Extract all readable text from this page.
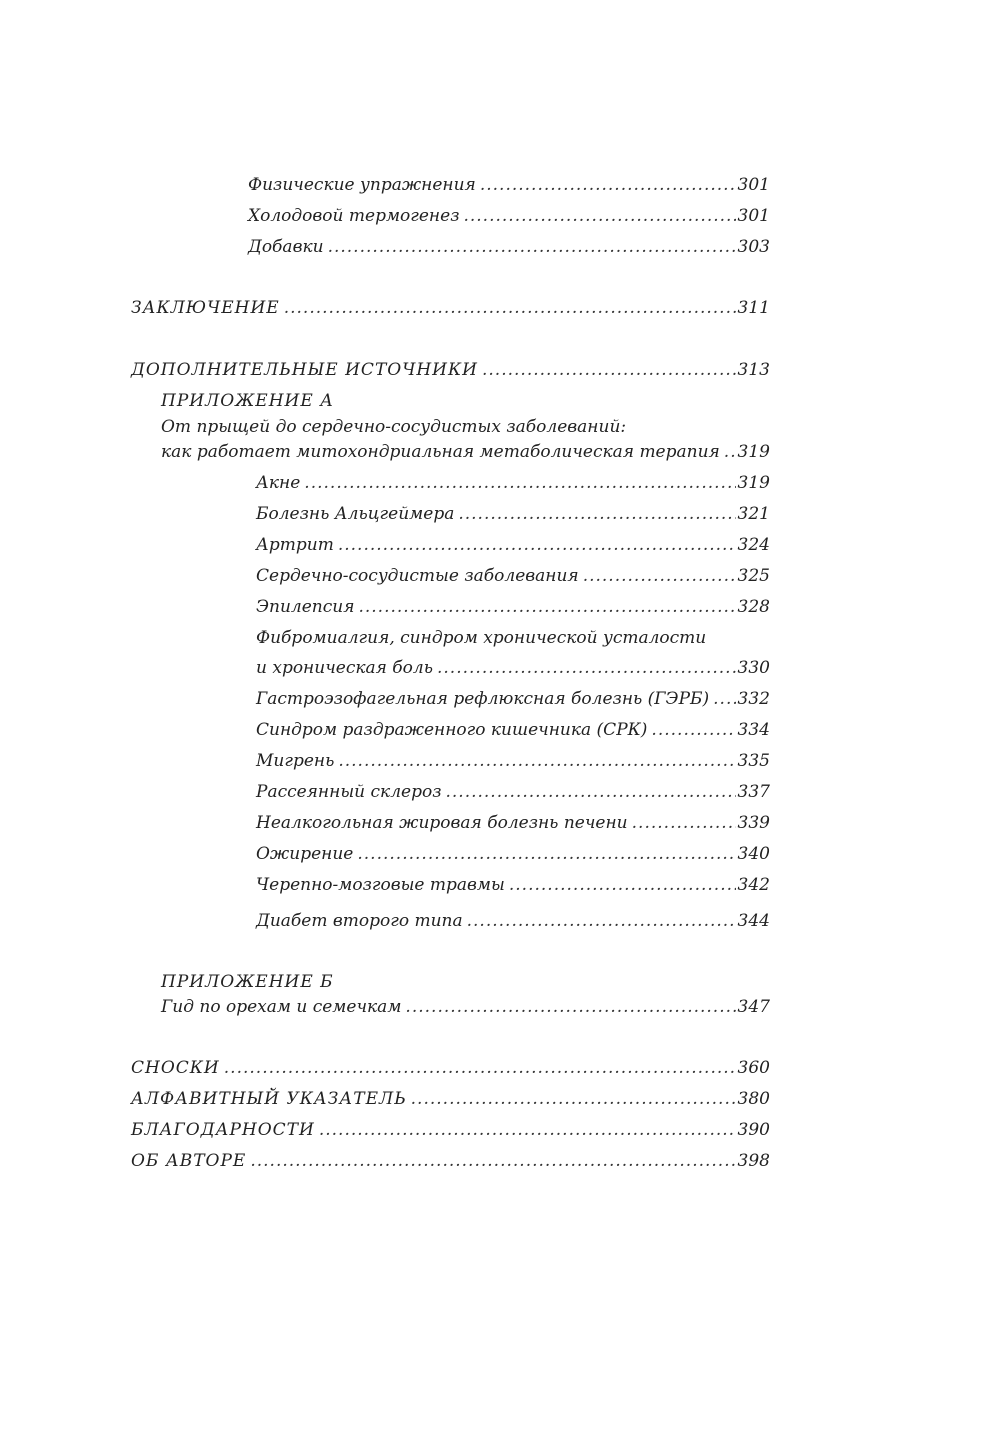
Физические упражнения .....	301
Холодовой термогенез .....	301
Добавки .....	303
ЗАКЛЮЧЕНИЕ .....	311
ДОПОЛНИТЕЛЬНЫЕ ИСТОЧНИКИ .....	313
ПРИЛОЖЕНИЕ А
От прыщей до сердечно-сосудистых заболеваний:
как работает митохондриальная метаболическая терапия ..... 319
Акне .....	319
Болезнь Альцгеймера .....	321
Артрит .....	324
Сердечно-сосудистые заболевания .....	325
Эпилепсия .....	328
Фибромиалгия, синдром хронической усталости
и хроническая боль .....	330
Гастроэзофагельная рефлюксная болезнь (ГЭРБ) ..... 332
Синдром раздраженного кишечника (СРК) .....	334
Мигрень .....	335
Рассеянный склероз .....	337
Неалкогольная жировая болезнь печени .....	339
Ожирение .....	340
Черепно-мозговые травмы .....	342
Диабет второго типа .....	344
ПРИЛОЖЕНИЕ Б
Гид по орехам и семечкам .....	347
СНОСКИ .....	360
АЛФАВИТНЫЙ УКАЗАТЕЛЬ .....	380
БЛАГОДАРНОСТИ .....	390
ОБ АВТОРЕ .....	398
